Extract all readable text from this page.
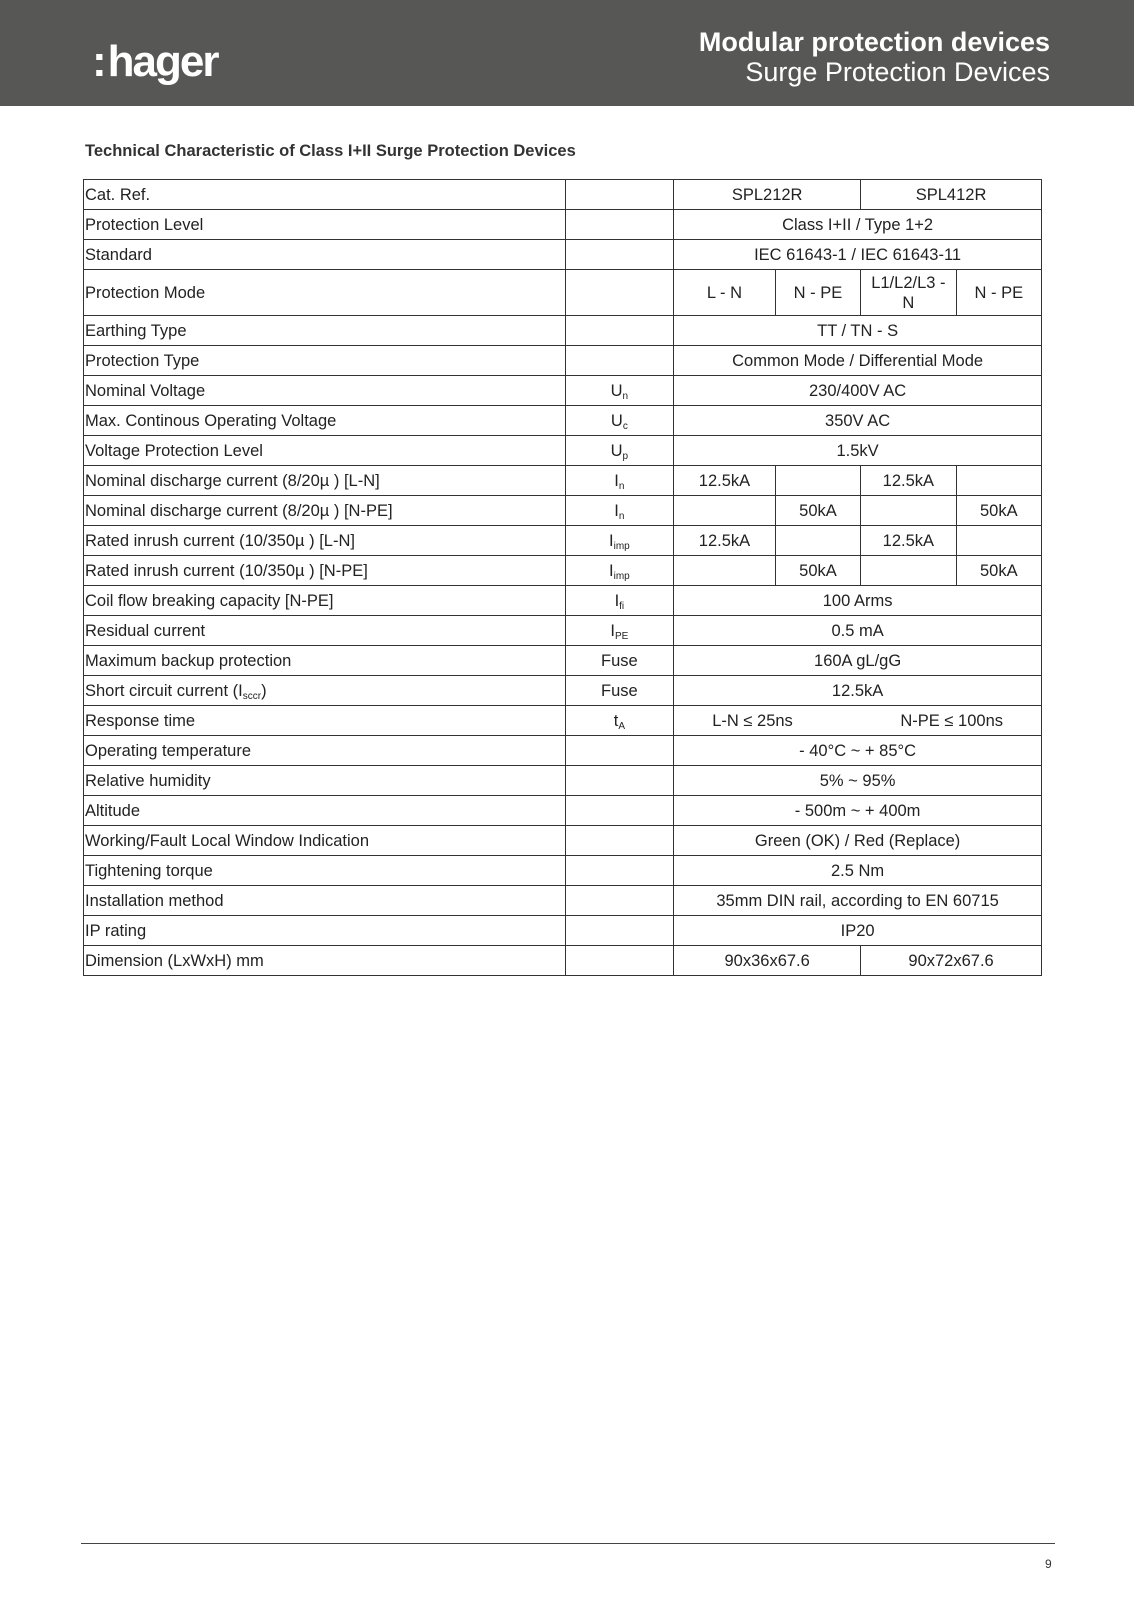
:hager	Modular protection devices
Surge Protection Devices
Technical Characteristic of Class I+II Surge Protection Devices
Cat. Ref.		SPL212R		SPL412R	
Protection Level		Class I+II / Type 1+2			
Standard		IEC 61643-1 / IEC 61643-11			
Protection Mode		L - N	N - PE	L1/L2/L3 - N	N - PE
Earthing Type		TT / TN - S			
Protection Type		Common Mode / Differential Mode			
Nominal Voltage	$U_n$	230/400V AC			
Max. Continous Operating Voltage	$U_c$	350V AC			
Voltage Protection Level	$U_p$	1.5kV			
Nominal discharge current (8/20µ ) [L-N]	$I_n$	12.5kA		12.5kA	
Nominal discharge current (8/20µ ) [N-PE]	$I_n$		50kA		50kA
Rated inrush current (10/350µ ) [L-N]	$I_{imp}$	12.5kA		12.5kA	
Rated inrush current (10/350µ ) [N-PE]	$I_{imp}$		50kA		50kA
Coil flow breaking capacity [N-PE]	$I_{fi}$	100 Arms			
Residual current	$I_{PE}$	0.5 mA			
Maximum backup protection	Fuse	160A gL/gG			
Short circuit current $(I_{sccr})$	Fuse	12.5kA			
Response time	$t_A$	L-N ≤ 25ns N-PE ≤ 100ns			

Operating temperature		- 40°C ~ + 85°C			
Relative humidity		5% ~ 95%			
Altitude		- 500m ~ + 400m			
Working/Fault Local Window Indication		Green (OK) / Red (Replace)			
Tightening torque		2.5 Nm			
Installation method		35mm DIN rail, according to EN 60715			
IP rating		IP20			
Dimension (LxWxH) mm		90x36x67.6		90x72x67.6	
9
